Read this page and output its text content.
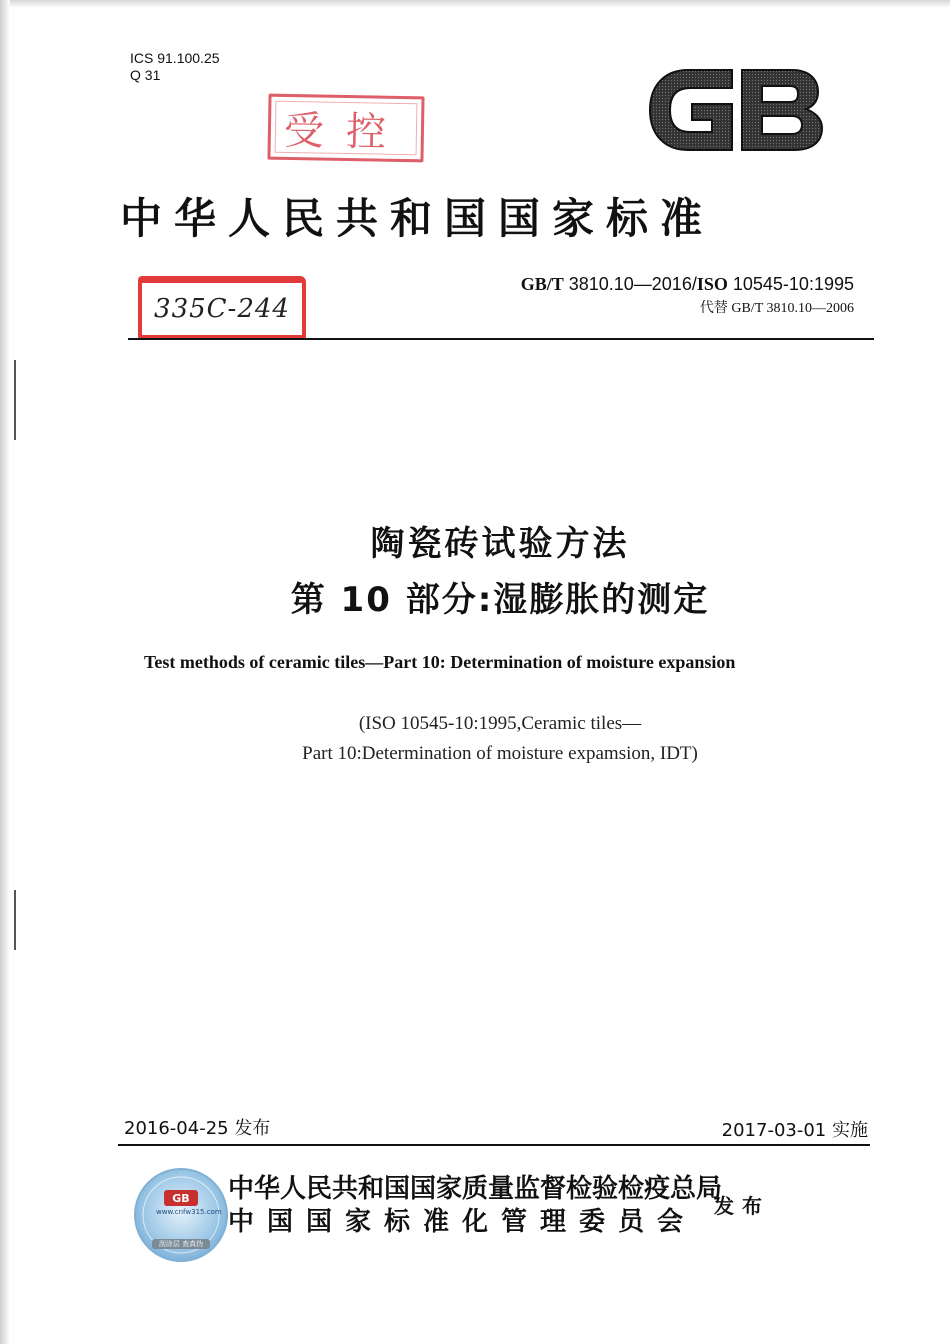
ICS 91.100.25
Q 31
受控
中华人民共和国国家标准
335C-244
GB/T 3810.10—2016/ISO 10545-10:1995
代替 GB/T 3810.10—2006
陶瓷砖试验方法
第 10 部分:湿膨胀的测定
Test methods of ceramic tiles—Part 10: Determination of moisture expansion
(ISO 10545-10:1995,Ceramic tiles—
Part 10:Determination of moisture expamsion, IDT)
2016-04-25 发布	2017-03-01 实施
GB
www.cnfw315.com
刮涂层 查真伪
中华人民共和国国家质量监督检验检疫总局
中国国家标准化管理委员会
发布
